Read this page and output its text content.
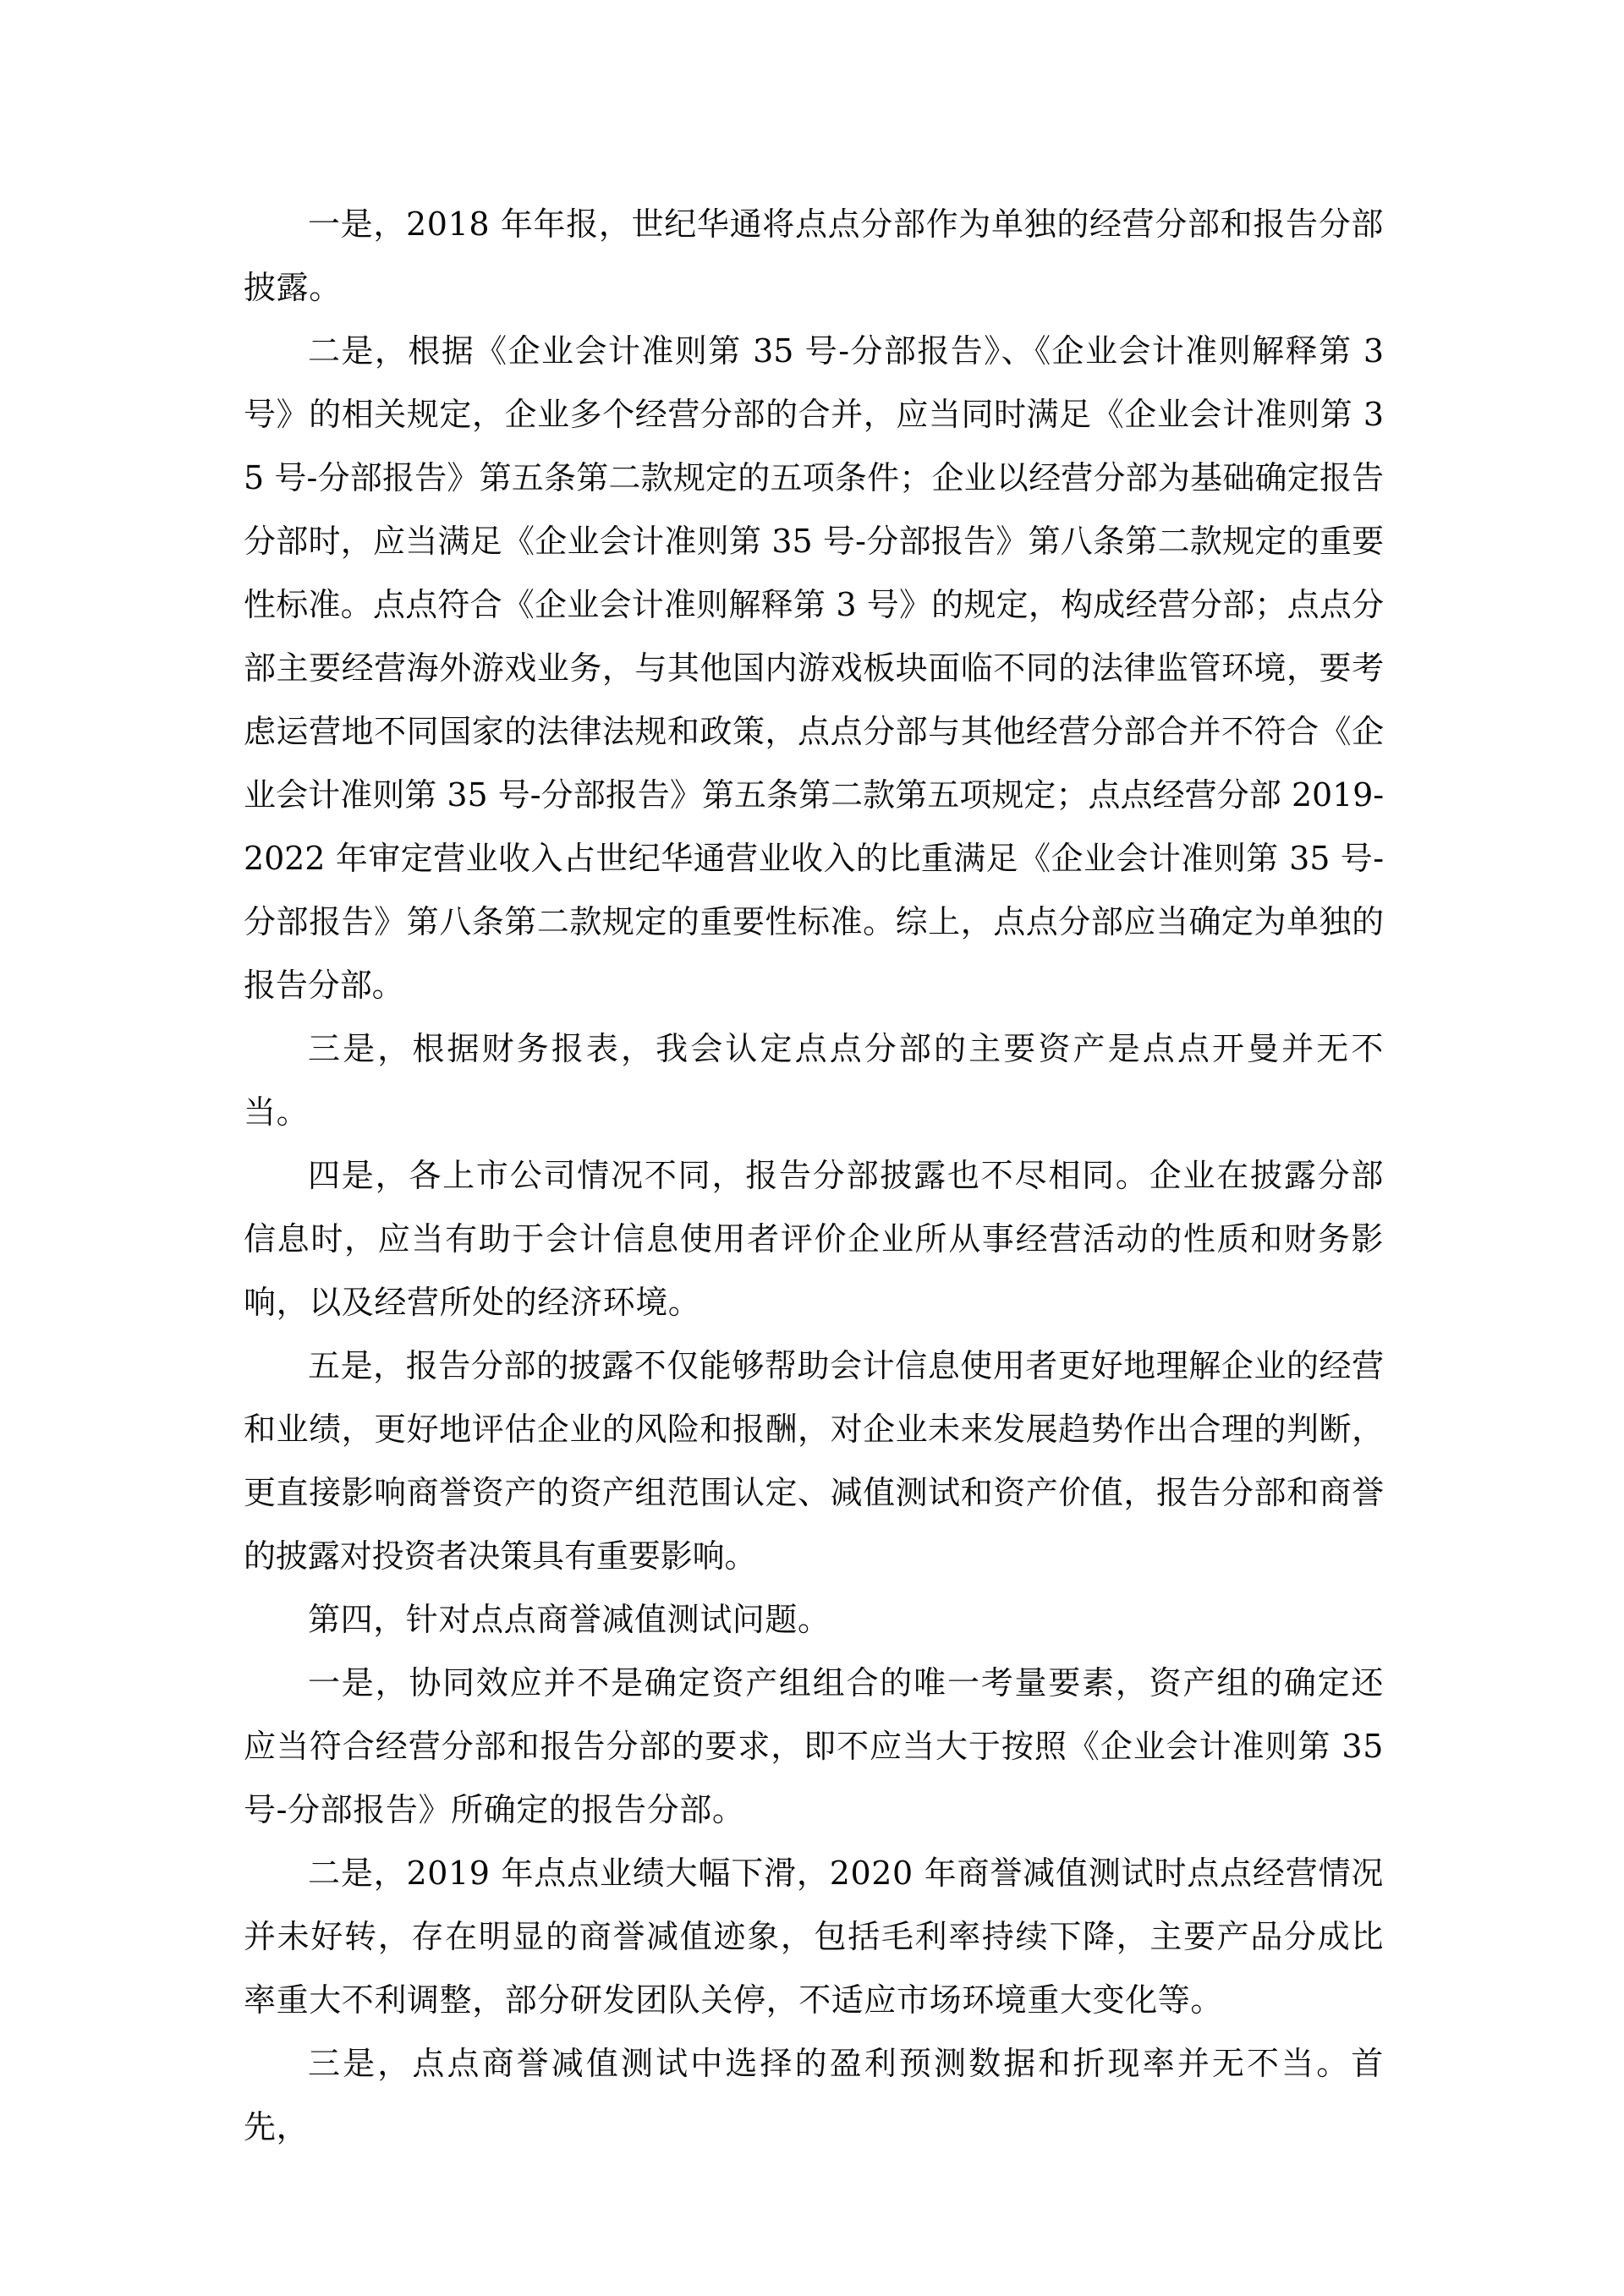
一是，2018 年年报，世纪华通将点点分部作为单独的经营分部和报告分部披露。

二是，根据《企业会计准则第 35 号-分部报告》、《企业会计准则解释第 3 号》的相关规定，企业多个经营分部的合并，应当同时满足《企业会计准则第 35 号-分部报告》第五条第二款规定的五项条件；企业以经营分部为基础确定报告分部时，应当满足《企业会计准则第 35 号-分部报告》第八条第二款规定的重要性标准。点点符合《企业会计准则解释第 3 号》的规定，构成经营分部；点点分部主要经营海外游戏业务，与其他国内游戏板块面临不同的法律监管环境，要考虑运营地不同国家的法律法规和政策，点点分部与其他经营分部合并不符合《企业会计准则第 35 号-分部报告》第五条第二款第五项规定；点点经营分部 2019-2022 年审定营业收入占世纪华通营业收入的比重满足《企业会计准则第 35 号-分部报告》第八条第二款规定的重要性标准。综上，点点分部应当确定为单独的报告分部。

三是，根据财务报表，我会认定点点分部的主要资产是点点开曼并无不当。

四是，各上市公司情况不同，报告分部披露也不尽相同。企业在披露分部信息时，应当有助于会计信息使用者评价企业所从事经营活动的性质和财务影响，以及经营所处的经济环境。

五是，报告分部的披露不仅能够帮助会计信息使用者更好地理解企业的经营和业绩，更好地评估企业的风险和报酬，对企业未来发展趋势作出合理的判断，更直接影响商誉资产的资产组范围认定、减值测试和资产价值，报告分部和商誉的披露对投资者决策具有重要影响。

第四，针对点点商誉减值测试问题。

一是，协同效应并不是确定资产组组合的唯一考量要素，资产组的确定还应当符合经营分部和报告分部的要求，即不应当大于按照《企业会计准则第 35 号-分部报告》所确定的报告分部。

二是，2019 年点点业绩大幅下滑，2020 年商誉减值测试时点点经营情况并未好转，存在明显的商誉减值迹象，包括毛利率持续下降，主要产品分成比率重大不利调整，部分研发团队关停，不适应市场环境重大变化等。

三是，点点商誉减值测试中选择的盈利预测数据和折现率并无不当。首先，
